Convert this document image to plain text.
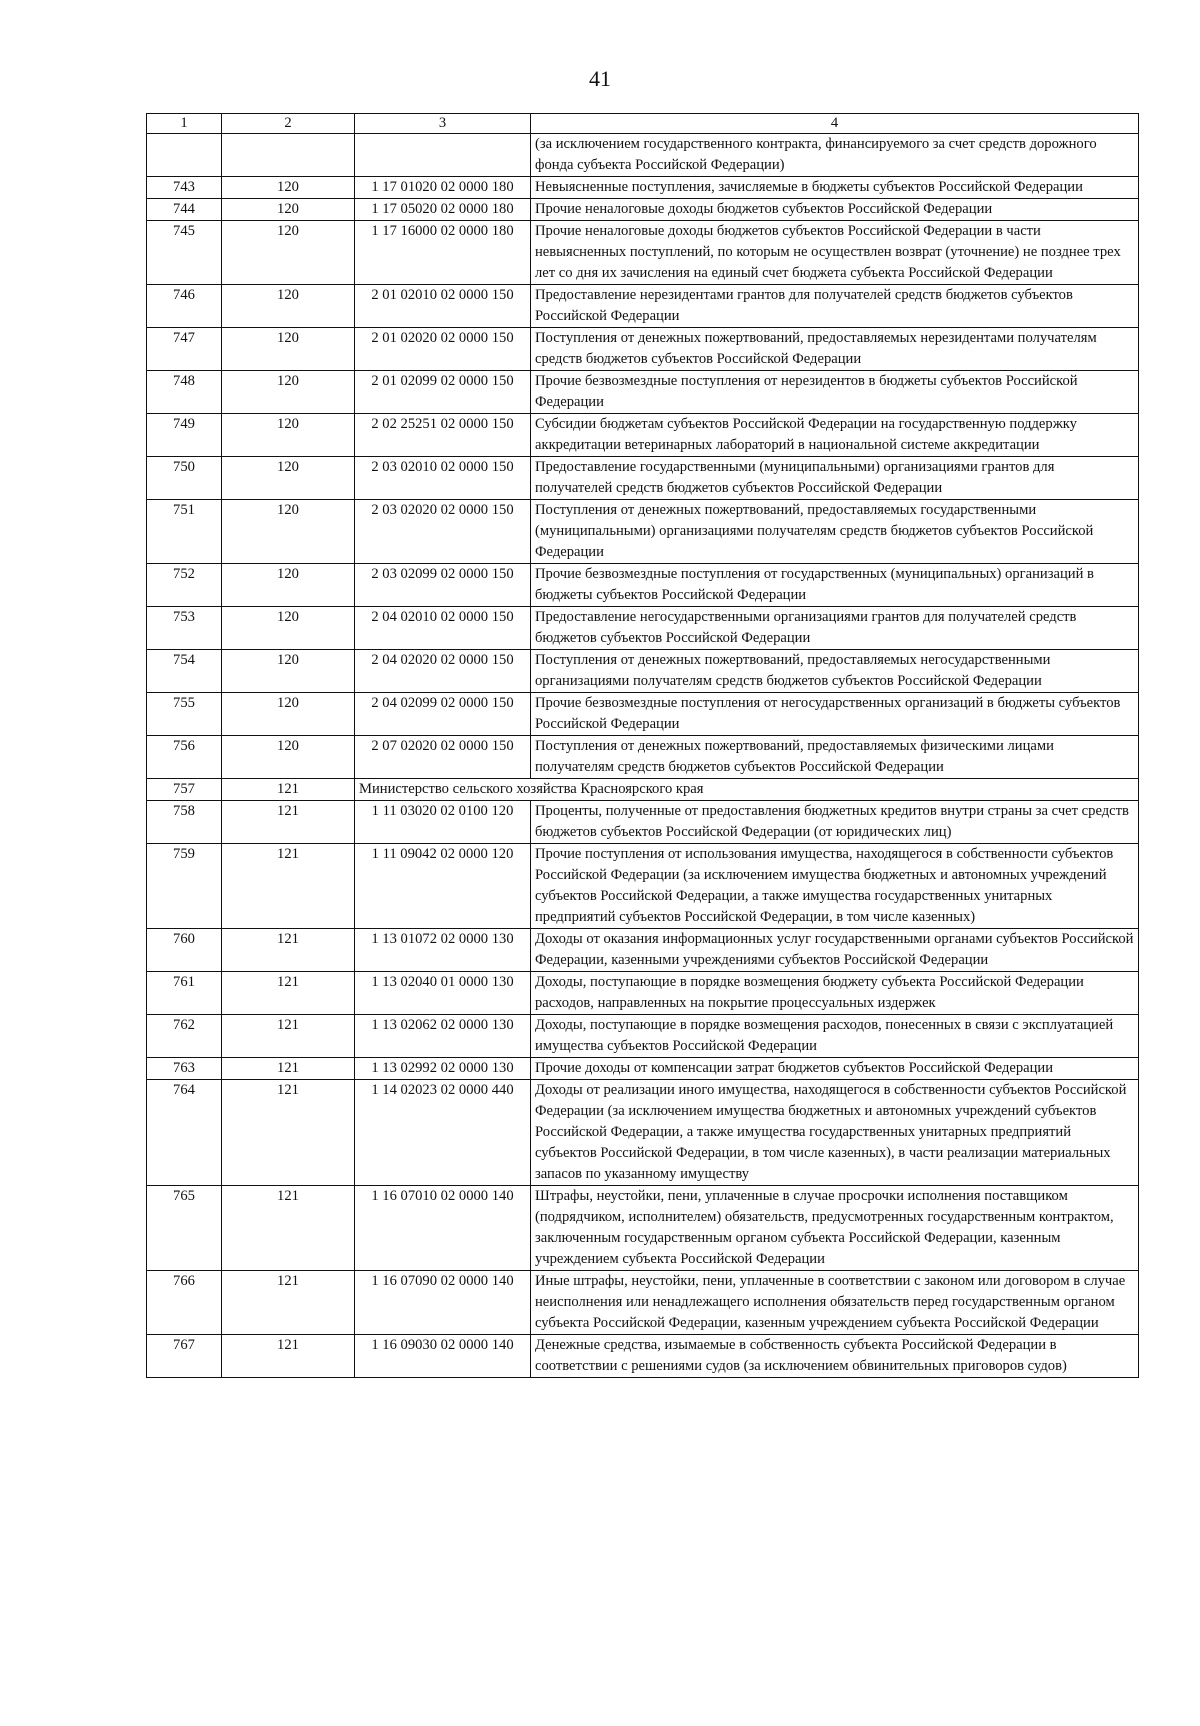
41
1	2	3	4
			(за исключением государственного контракта, финансируемого за счет средств дорожного фонда субъекта Российской Федерации)
743	120	1 17 01020 02 0000 180	Невыясненные поступления, зачисляемые в бюджеты субъектов Российской Федерации
744	120	1 17 05020 02 0000 180	Прочие неналоговые доходы бюджетов субъектов Российской Федерации
745	120	1 17 16000 02 0000 180	Прочие неналоговые доходы бюджетов субъектов Российской Федерации в части невыясненных поступлений, по которым не осуществлен возврат (уточнение) не позднее трех лет со дня их зачисления на единый счет бюджета субъекта Российской Федерации
746	120	2 01 02010 02 0000 150	Предоставление нерезидентами грантов для получателей средств бюджетов субъектов Российской Федерации
747	120	2 01 02020 02 0000 150	Поступления от денежных пожертвований, предоставляемых нерезидентами получателям средств бюджетов субъектов Российской Федерации
748	120	2 01 02099 02 0000 150	Прочие безвозмездные поступления от нерезидентов в бюджеты субъектов Российской Федерации
749	120	2 02 25251 02 0000 150	Субсидии бюджетам субъектов Российской Федерации на государственную поддержку аккредитации ветеринарных лабораторий в национальной системе аккредитации
750	120	2 03 02010 02 0000 150	Предоставление государственными (муниципальными) организациями грантов для получателей средств бюджетов субъектов Российской Федерации
751	120	2 03 02020 02 0000 150	Поступления от денежных пожертвований, предоставляемых государственными (муниципальными) организациями получателям средств бюджетов субъектов Российской Федерации
752	120	2 03 02099 02 0000 150	Прочие безвозмездные поступления от государственных (муниципальных) организаций в бюджеты субъектов Российской Федерации
753	120	2 04 02010 02 0000 150	Предоставление негосударственными организациями грантов для получателей средств бюджетов субъектов Российской Федерации
754	120	2 04 02020 02 0000 150	Поступления от денежных пожертвований, предоставляемых негосударственными организациями получателям средств бюджетов субъектов Российской Федерации
755	120	2 04 02099 02 0000 150	Прочие безвозмездные поступления от негосударственных организаций в бюджеты субъектов Российской Федерации
756	120	2 07 02020 02 0000 150	Поступления от денежных пожертвований, предоставляемых физическими лицами получателям средств бюджетов субъектов Российской Федерации
757	121	Министерство сельского хозяйства Красноярского края	
758	121	1 11 03020 02 0100 120	Проценты, полученные от предоставления бюджетных кредитов внутри страны за счет средств бюджетов субъектов Российской Федерации (от юридических лиц)
759	121	1 11 09042 02 0000 120	Прочие поступления от использования имущества, находящегося в собственности субъектов Российской Федерации (за исключением имущества бюджетных и автономных учреждений субъектов Российской Федерации, а также имущества государственных унитарных предприятий субъектов Российской Федерации, в том числе казенных)
760	121	1 13 01072 02 0000 130	Доходы от оказания информационных услуг государственными органами субъектов Российской Федерации, казенными учреждениями субъектов Российской Федерации
761	121	1 13 02040 01 0000 130	Доходы, поступающие в порядке возмещения бюджету субъекта Российской Федерации расходов, направленных на покрытие процессуальных издержек
762	121	1 13 02062 02 0000 130	Доходы, поступающие в порядке возмещения расходов, понесенных в связи с эксплуатацией имущества субъектов Российской Федерации
763	121	1 13 02992 02 0000 130	Прочие доходы от компенсации затрат бюджетов субъектов Российской Федерации
764	121	1 14 02023 02 0000 440	Доходы от реализации иного имущества, находящегося в собственности субъектов Российской Федерации (за исключением имущества бюджетных и автономных учреждений субъектов Российской Федерации, а также имущества государственных унитарных предприятий субъектов Российской Федерации, в том числе казенных), в части реализации материальных запасов по указанному имуществу
765	121	1 16 07010 02 0000 140	Штрафы, неустойки, пени, уплаченные в случае просрочки исполнения поставщиком (подрядчиком, исполнителем) обязательств, предусмотренных государственным контрактом, заключенным государственным органом субъекта Российской Федерации, казенным учреждением субъекта Российской Федерации
766	121	1 16 07090 02 0000 140	Иные штрафы, неустойки, пени, уплаченные в соответствии с законом или договором в случае неисполнения или ненадлежащего исполнения обязательств перед государственным органом субъекта Российской Федерации, казенным учреждением субъекта Российской Федерации
767	121	1 16 09030 02 0000 140	Денежные средства, изымаемые в собственность субъекта Российской Федерации в соответствии с решениями судов (за исключением обвинительных приговоров судов)
